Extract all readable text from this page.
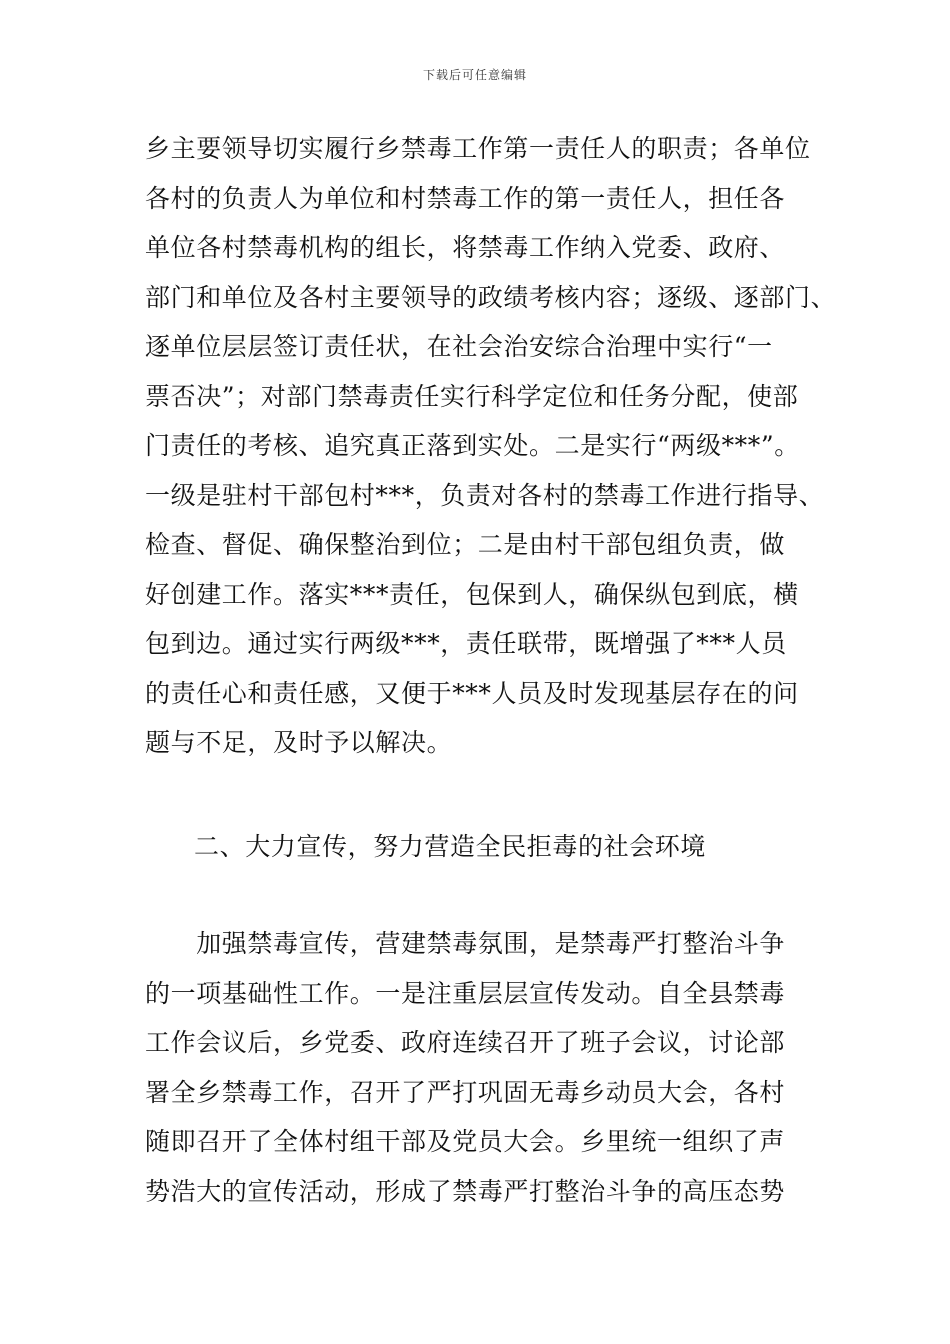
下载后可任意编辑
乡主要领导切实履行乡禁毒工作第一责任人的职责；各单位
各村的负责人为单位和村禁毒工作的第一责任人，担任各
单位各村禁毒机构的组长，将禁毒工作纳入党委、政府、
部门和单位及各村主要领导的政绩考核内容；逐级、逐部门、
逐单位层层签订责任状，在社会治安综合治理中实行“一
票否决”；对部门禁毒责任实行科学定位和任务分配，使部
门责任的考核、追究真正落到实处。二是实行“两级***”。
一级是驻村干部包村***，负责对各村的禁毒工作进行指导、
检查、督促、确保整治到位；二是由村干部包组负责，做
好创建工作。落实***责任，包保到人，确保纵包到底，横
包到边。通过实行两级***，责任联带，既增强了***人员
的责任心和责任感，又便于***人员及时发现基层存在的问
题与不足，及时予以解决。
二、大力宣传，努力营造全民拒毒的社会环境
　　加强禁毒宣传，营建禁毒氛围，是禁毒严打整治斗争
的一项基础性工作。一是注重层层宣传发动。自全县禁毒
工作会议后，乡党委、政府连续召开了班子会议，讨论部
署全乡禁毒工作，召开了严打巩固无毒乡动员大会，各村
随即召开了全体村组干部及党员大会。乡里统一组织了声
势浩大的宣传活动，形成了禁毒严打整治斗争的高压态势
